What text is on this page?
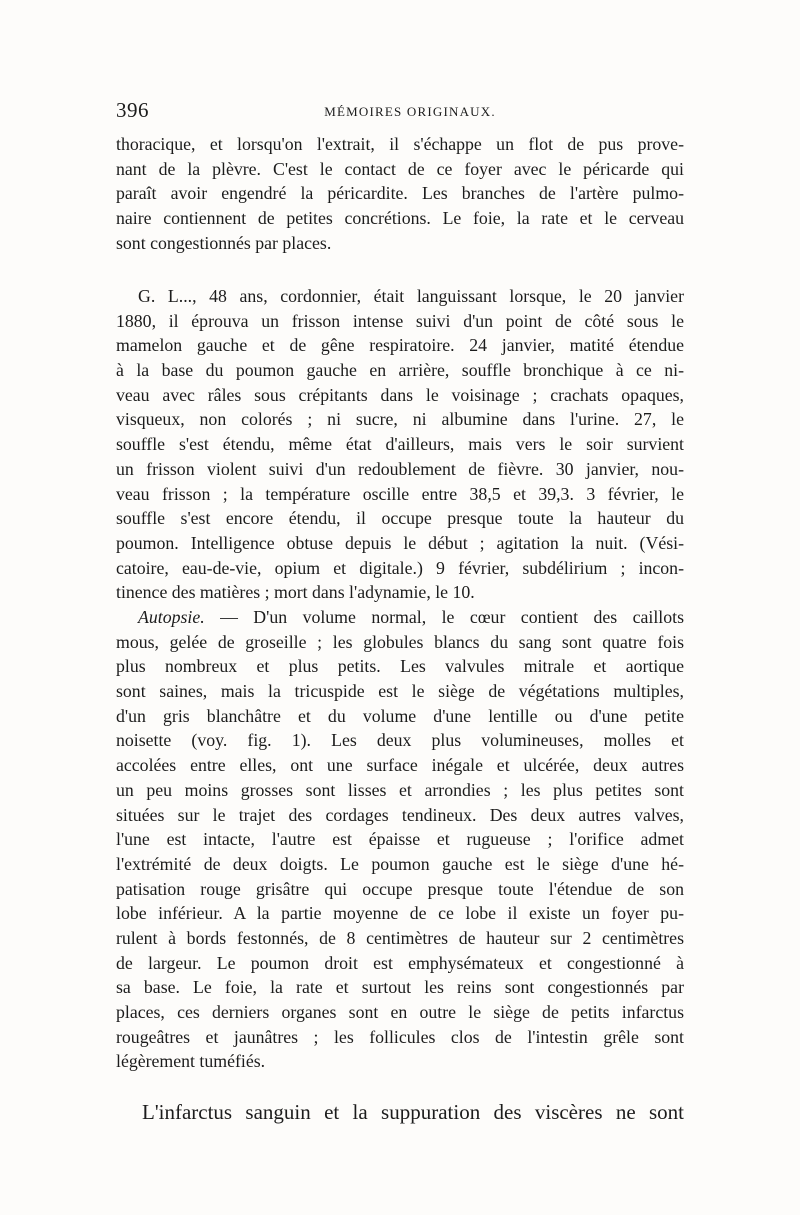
396	MÉMOIRES ORIGINAUX.
thoracique, et lorsqu'on l'extrait, il s'échappe un flot de pus prove-
nant de la plèvre. C'est le contact de ce foyer avec le péricarde qui
paraît avoir engendré la péricardite. Les branches de l'artère pulmo-
naire contiennent de petites concrétions. Le foie, la rate et le cerveau
sont congestionnés par places.
G. L..., 48 ans, cordonnier, était languissant lorsque, le 20 janvier
1880, il éprouva un frisson intense suivi d'un point de côté sous le
mamelon gauche et de gêne respiratoire. 24 janvier, matité étendue
à la base du poumon gauche en arrière, souffle bronchique à ce ni-
veau avec râles sous crépitants dans le voisinage ; crachats opaques,
visqueux, non colorés ; ni sucre, ni albumine dans l'urine. 27, le
souffle s'est étendu, même état d'ailleurs, mais vers le soir survient
un frisson violent suivi d'un redoublement de fièvre. 30 janvier, nou-
veau frisson ; la température oscille entre 38,5 et 39,3. 3 février, le
souffle s'est encore étendu, il occupe presque toute la hauteur du
poumon. Intelligence obtuse depuis le début ; agitation la nuit. (Vési-
catoire, eau-de-vie, opium et digitale.) 9 février, subdélirium ; incon-
tinence des matières ; mort dans l'adynamie, le 10.
Autopsie. — D'un volume normal, le cœur contient des caillots
mous, gelée de groseille ; les globules blancs du sang sont quatre fois
plus nombreux et plus petits. Les valvules mitrale et aortique
sont saines, mais la tricuspide est le siège de végétations multiples,
d'un gris blanchâtre et du volume d'une lentille ou d'une petite
noisette (voy. fig. 1). Les deux plus volumineuses, molles et
accolées entre elles, ont une surface inégale et ulcérée, deux autres
un peu moins grosses sont lisses et arrondies ; les plus petites sont
situées sur le trajet des cordages tendineux. Des deux autres valves,
l'une est intacte, l'autre est épaisse et rugueuse ; l'orifice admet
l'extrémité de deux doigts. Le poumon gauche est le siège d'une hé-
patisation rouge grisâtre qui occupe presque toute l'étendue de son
lobe inférieur. A la partie moyenne de ce lobe il existe un foyer pu-
rulent à bords festonnés, de 8 centimètres de hauteur sur 2 centimètres
de largeur. Le poumon droit est emphysémateux et congestionné à
sa base. Le foie, la rate et surtout les reins sont congestionnés par
places, ces derniers organes sont en outre le siège de petits infarctus
rougeâtres et jaunâtres ; les follicules clos de l'intestin grêle sont
légèrement tuméfiés.
L'infarctus sanguin et la suppuration des viscères ne sont
